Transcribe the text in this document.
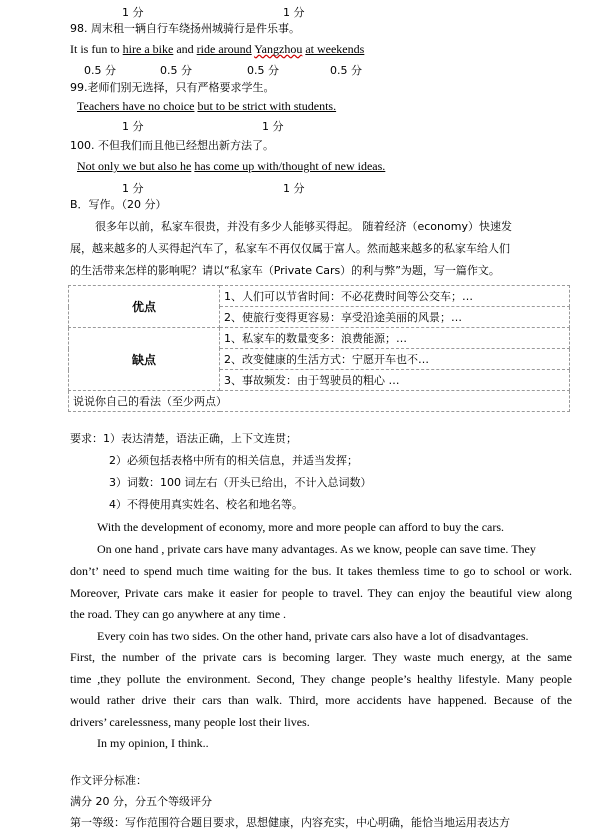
1 分	1 分
98. 周末租一辆自行车绕扬州城骑行是件乐事。
It is fun to hire a bike and ride around Yangzhou at weekends
0.5 分	0.5 分	0.5 分	0.5 分
99.老师们别无选择，只有严格要求学生。
Teachers have no choice but to be strict with students.
1 分	1 分
100. 不但我们而且他已经想出新方法了。
Not only we but also he has come up with/thought of new ideas.
1 分	1 分
B．写作。（20 分）
很多年以前，私家车很贵，并没有多少人能够买得起。 随着经济（economy）快速发
展，越来越多的人买得起汽车了，私家车不再仅仅属于富人。然而越来越多的私家车给人们
的生活带来怎样的影响呢？请以“私家车（Private Cars）的利与弊”为题，写一篇作文。
优点	1、人们可以节省时间：不必花费时间等公交车；…
	2、使旅行变得更容易：享受沿途美丽的风景；…
缺点	1、私家车的数量变多：浪费能源；…
	2、改变健康的生活方式：宁愿开车也不…
	3、事故频发：由于驾驶员的粗心 …
说说你自己的看法（至少两点）	
要求：1）表达清楚，语法正确，上下文连贯；
2）必须包括表格中所有的相关信息，并适当发挥；
3）词数：100 词左右（开头已给出，不计入总词数）
4）不得使用真实姓名、校名和地名等。
With the development of economy, more and more people can afford to buy the cars.
On one hand , private cars have many advantages. As we know, people can save time. They
don’t’ need to spend much time waiting for the bus. It takes themless time to go to school or work.
Moreover, Private cars make it easier for people to travel. They can enjoy the beautiful view along
the road. They can go anywhere at any time .
Every coin has two sides. On the other hand, private cars also have a lot of disadvantages.
First, the number of the private cars is becoming larger. They waste much energy, at the same
time ,they pollute the environment. Second, They change people’s healthy lifestyle. Many people
would rather drive their cars than walk. Third, more accidents have happened. Because of the
drivers’ carelessness, many people lost their lives.
In my opinion, I think..
作文评分标准：
满分 20 分，分五个等级评分
第一等级：写作范围符合题目要求，思想健康，内容充实，中心明确，能恰当地运用表达方
